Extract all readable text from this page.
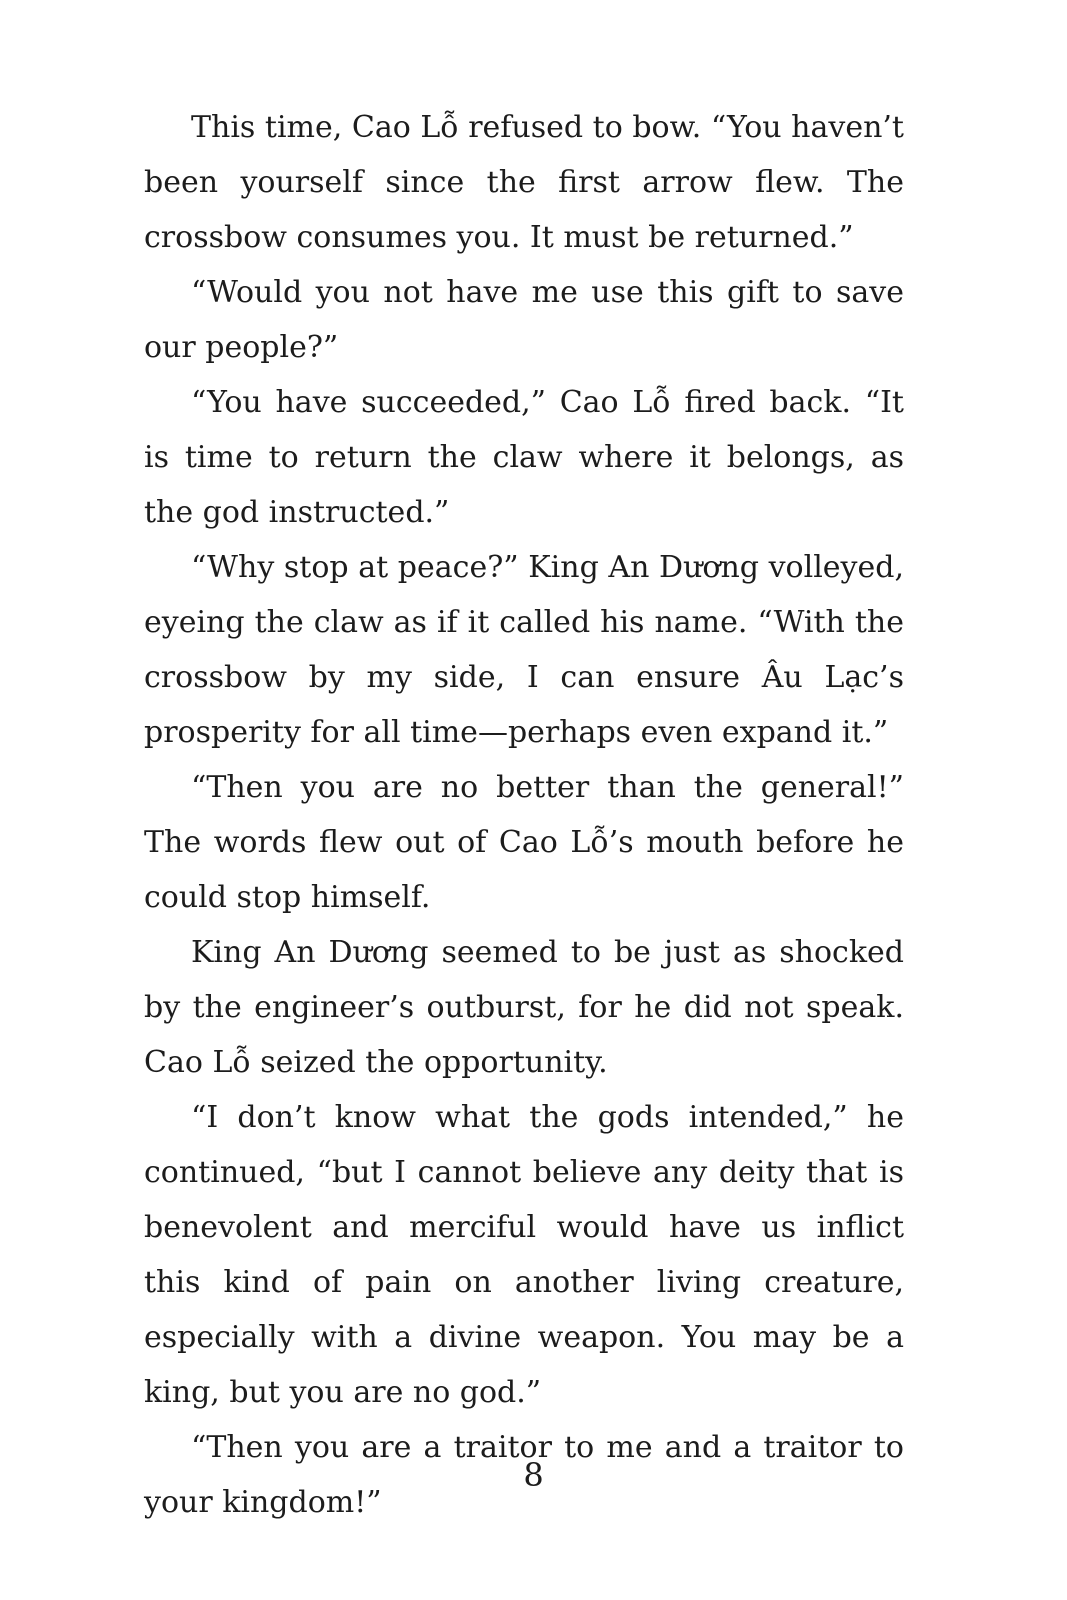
This time, Cao Lỗ refused to bow. “You haven’t been yourself since the first arrow flew. The crossbow consumes you. It must be returned.”

“Would you not have me use this gift to save our people?”

“You have succeeded,” Cao Lỗ fired back. “It is time to return the claw where it belongs, as the god instructed.”

“Why stop at peace?” King An Dương volleyed, eyeing the claw as if it called his name. “With the crossbow by my side, I can ensure Âu Lạc’s prosperity for all time—perhaps even expand it.”

“Then you are no better than the general!” The words flew out of Cao Lỗ’s mouth before he could stop himself.

King An Dương seemed to be just as shocked by the engineer’s outburst, for he did not speak. Cao Lỗ seized the opportunity.

“I don’t know what the gods intended,” he continued, “but I cannot believe any deity that is benevolent and merciful would have us inflict this kind of pain on another living creature, especially with a divine weapon. You may be a king, but you are no god.”

“Then you are a traitor to me and a traitor to your kingdom!”

8
